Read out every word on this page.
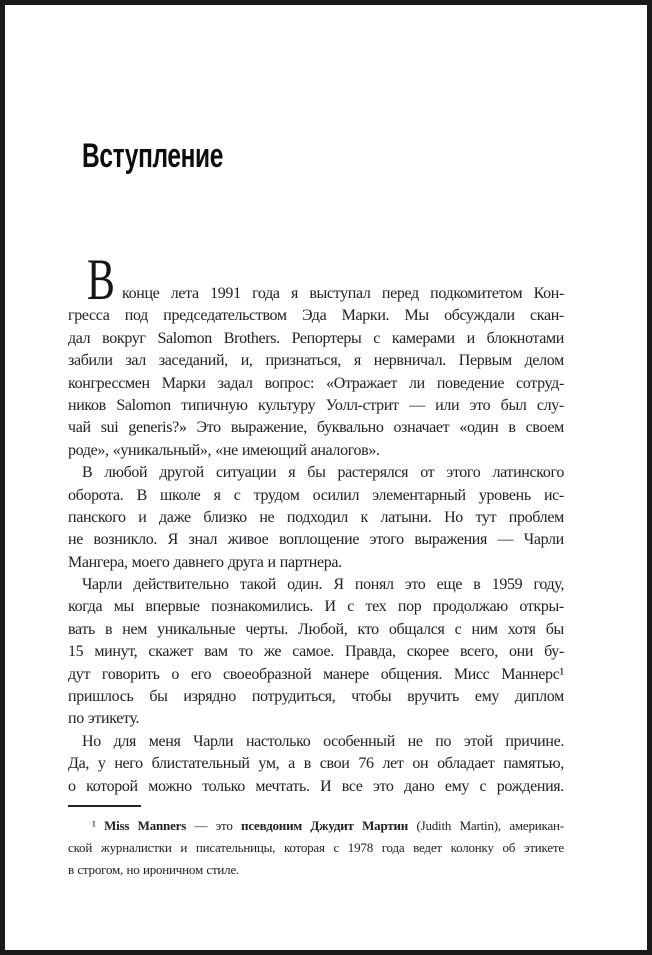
Вступление
В конце лета 1991 года я выступал перед подкомитетом Кон-
гресса под председательством Эда Марки. Мы обсуждали скан-
дал вокруг Salomon Brothers. Репортеры с камерами и блокнотами
забили зал заседаний, и, признаться, я нервничал. Первым делом
конгрессмен Марки задал вопрос: «Отражает ли поведение сотруд-
ников Salomon типичную культуру Уолл-стрит — или это был слу-
чай sui generis?» Это выражение, буквально означает «один в своем
роде», «уникальный», «не имеющий аналогов».
В любой другой ситуации я бы растерялся от этого латинского
оборота. В школе я с трудом осилил элементарный уровень ис-
панского и даже близко не подходил к латыни. Но тут проблем
не возникло. Я знал живое воплощение этого выражения — Чарли
Мангера, моего давнего друга и партнера.
Чарли действительно такой один. Я понял это еще в 1959 году,
когда мы впервые познакомились. И с тех пор продолжаю откры-
вать в нем уникальные черты. Любой, кто общался с ним хотя бы
15 минут, скажет вам то же самое. Правда, скорее всего, они бу-
дут говорить о его своеобразной манере общения. Мисс Маннерс¹
пришлось бы изрядно потрудиться, чтобы вручить ему диплом
по этикету.
Но для меня Чарли настолько особенный не по этой причине.
Да, у него блистательный ум, а в свои 76 лет он обладает памятью,
о которой можно только мечтать. И все это дано ему с рождения.
¹ Miss Manners — это псевдоним Джудит Мартин (Judith Martin), американ-
ской журналистки и писательницы, которая с 1978 года ведет колонку об этикете
в строгом, но ироничном стиле.
